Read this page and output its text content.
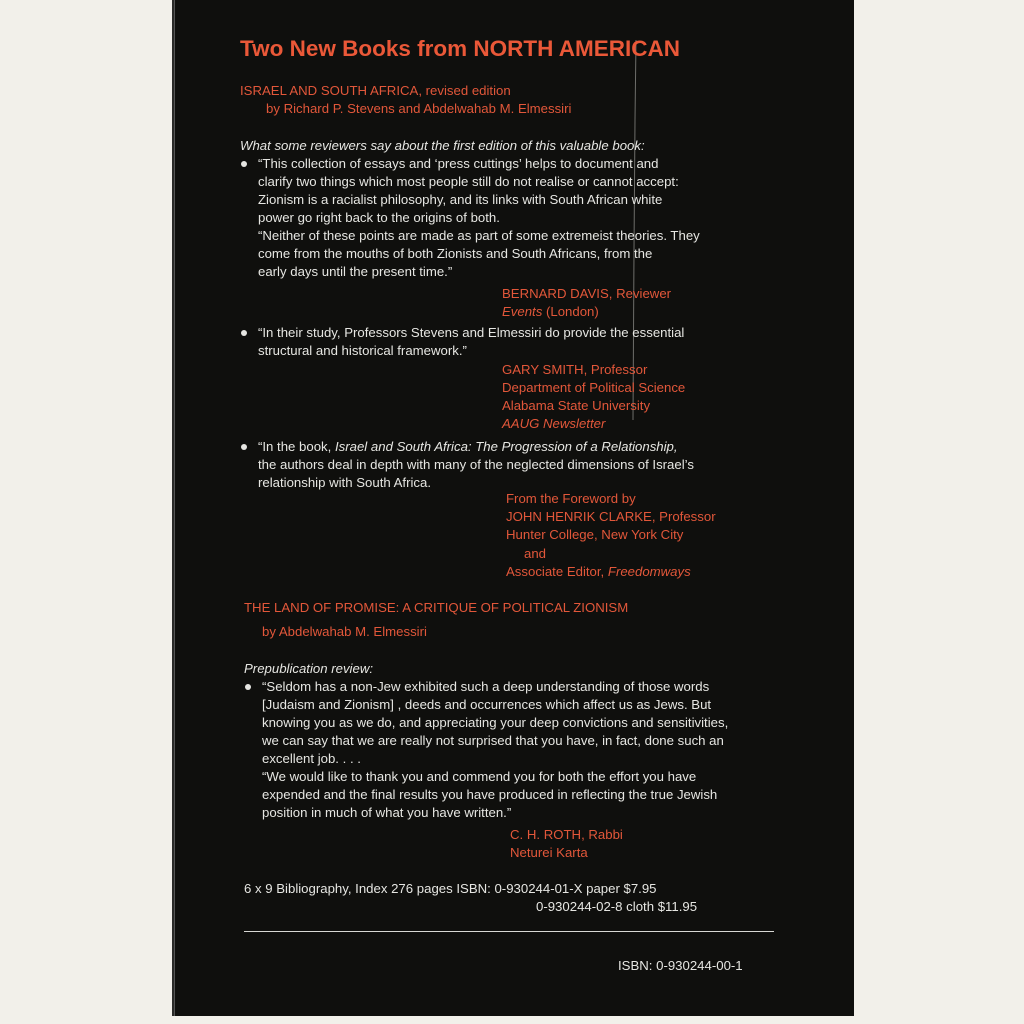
Two New Books from NORTH AMERICAN
ISRAEL AND SOUTH AFRICA, revised edition
by Richard P. Stevens and Abdelwahab M. Elmessiri
What some reviewers say about the first edition of this valuable book:
“This collection of essays and ‘press cuttings’ helps to document and
clarify two things which most people still do not realise or cannot accept:
Zionism is a racialist philosophy, and its links with South African white
power go right back to the origins of both.
“Neither of these points are made as part of some extremeist theories. They
come from the mouths of both Zionists and South Africans, from the
early days until the present time.”
BERNARD DAVIS, Reviewer
Events (London)
“In their study, Professors Stevens and Elmessiri do provide the essential
structural and historical framework.”
GARY SMITH, Professor
Department of Political Science
Alabama State University
AAUG Newsletter
“In the book, Israel and South Africa: The Progression of a Relationship,
the authors deal in depth with many of the neglected dimensions of Israel’s
relationship with South Africa.
From the Foreword by
JOHN HENRIK CLARKE, Professor
Hunter College, New York City
and
Associate Editor, Freedomways
THE LAND OF PROMISE: A CRITIQUE OF POLITICAL ZIONISM
by Abdelwahab M. Elmessiri
Prepublication review:
“Seldom has a non-Jew exhibited such a deep understanding of those words
[Judaism and Zionism] , deeds and occurrences which affect us as Jews. But
knowing you as we do, and appreciating your deep convictions and sensitivities,
we can say that we are really not surprised that you have, in fact, done such an
excellent job. . . .
“We would like to thank you and commend you for both the effort you have
expended and the final results you have produced in reflecting the true Jewish
position in much of what you have written.”
C. H. ROTH, Rabbi
Neturei Karta
6 x 9 Bibliography, Index 276 pages ISBN: 0-930244-01-X paper $7.95
0-930244-02-8 cloth $11.95
ISBN: 0-930244-00-1
